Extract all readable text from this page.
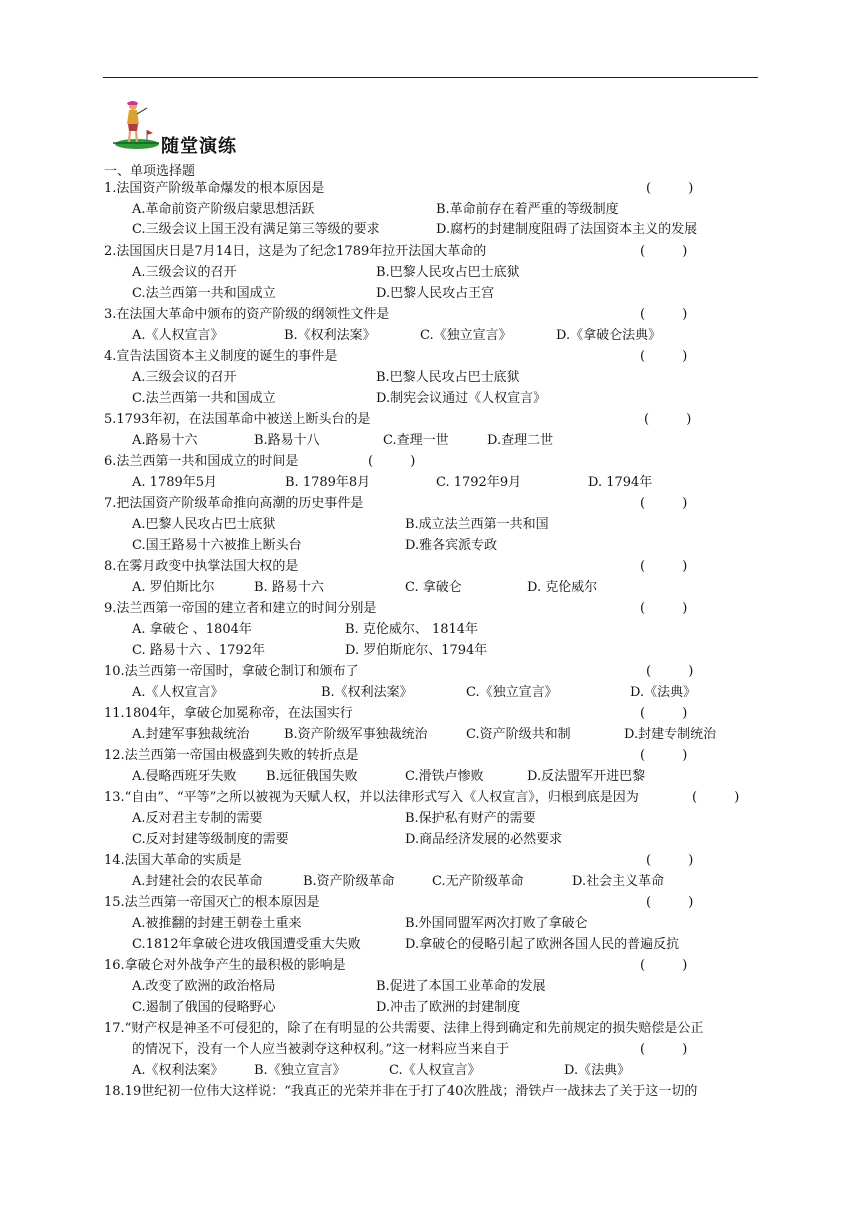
随堂演练
一、单项选择题
1.法国资产阶级革命爆发的根本原因是	(         )
A.革命前资产阶级启蒙思想活跃	B.革命前存在着严重的等级制度
C.三级会议上国王没有满足第三等级的要求	D.腐朽的封建制度阻碍了法国资本主义的发展
2.法国国庆日是7月14日，这是为了纪念1789年拉开法国大革命的	(         )
A.三级会议的召开	B.巴黎人民攻占巴士底狱
C.法兰西第一共和国成立	D.巴黎人民攻占王宫
3.在法国大革命中颁布的资产阶级的纲领性文件是	(         )
A.《人权宣言》	B.《权利法案》	C.《独立宣言》	D.《拿破仑法典》
4.宣告法国资本主义制度的诞生的事件是	(         )
A.三级会议的召开	B.巴黎人民攻占巴士底狱
C.法兰西第一共和国成立	D.制宪会议通过《人权宣言》
5.1793年初，在法国革命中被送上断头台的是	(         )
A.路易十六	B.路易十八	C.查理一世	D.查理二世
6.法兰西第一共和国成立的时间是	(         )
A. 1789年5月	B. 1789年8月	C. 1792年9月	D. 1794年
7.把法国资产阶级革命推向高潮的历史事件是	(         )
A.巴黎人民攻占巴士底狱	B.成立法兰西第一共和国
C.国王路易十六被推上断头台	D.雅各宾派专政
8.在雾月政变中执掌法国大权的是	(         )
A. 罗伯斯比尔	B. 路易十六	C. 拿破仑	D. 克伦威尔
9.法兰西第一帝国的建立者和建立的时间分别是	(         )
A. 拿破仑 、1804年	B. 克伦威尔、 1814年
C. 路易十六 、1792年	D. 罗伯斯庇尔、1794年
10.法兰西第一帝国时，拿破仑制订和颁布了	(         )
A.《人权宣言》	B.《权利法案》	C.《独立宣言》	D.《法典》
11.1804年，拿破仑加冕称帝，在法国实行	(         )
A.封建军事独裁统治	B.资产阶级军事独裁统治	C.资产阶级共和制	D.封建专制统治
12.法兰西第一帝国由极盛到失败的转折点是	(         )
A.侵略西班牙失败 B.远征俄国失败	C.滑铁卢惨败	D.反法盟军开进巴黎
13.“自由”、“平等”之所以被视为天赋人权，并以法律形式写入《人权宣言》，归根到底是因为	(         )
A.反对君主专制的需要	B.保护私有财产的需要
C.反对封建等级制度的需要	D.商品经济发展的必然要求
14.法国大革命的实质是	(         )
A.封建社会的农民革命	B.资产阶级革命	C.无产阶级革命	D.社会主义革命
15.法兰西第一帝国灭亡的根本原因是	(         )
A.被推翻的封建王朝卷土重来	B.外国同盟军两次打败了拿破仑
C.1812年拿破仑进攻俄国遭受重大失败	D.拿破仑的侵略引起了欧洲各国人民的普遍反抗
16.拿破仑对外战争产生的最积极的影响是	(         )
A.改变了欧洲的政治格局	B.促进了本国工业革命的发展
C.遏制了俄国的侵略野心	D.冲击了欧洲的封建制度
17.“财产权是神圣不可侵犯的，除了在有明显的公共需要、法律上得到确定和先前规定的损失赔偿是公正
的情况下，没有一个人应当被剥夺这种权利。”这一材料应当来自于	(         )
A.《权利法案》 B.《独立宣言》	C.《人权宣言》	D.《法典》
18.19世纪初一位伟大这样说：“我真正的光荣并非在于打了40次胜战；滑铁卢一战抹去了关于这一切的
